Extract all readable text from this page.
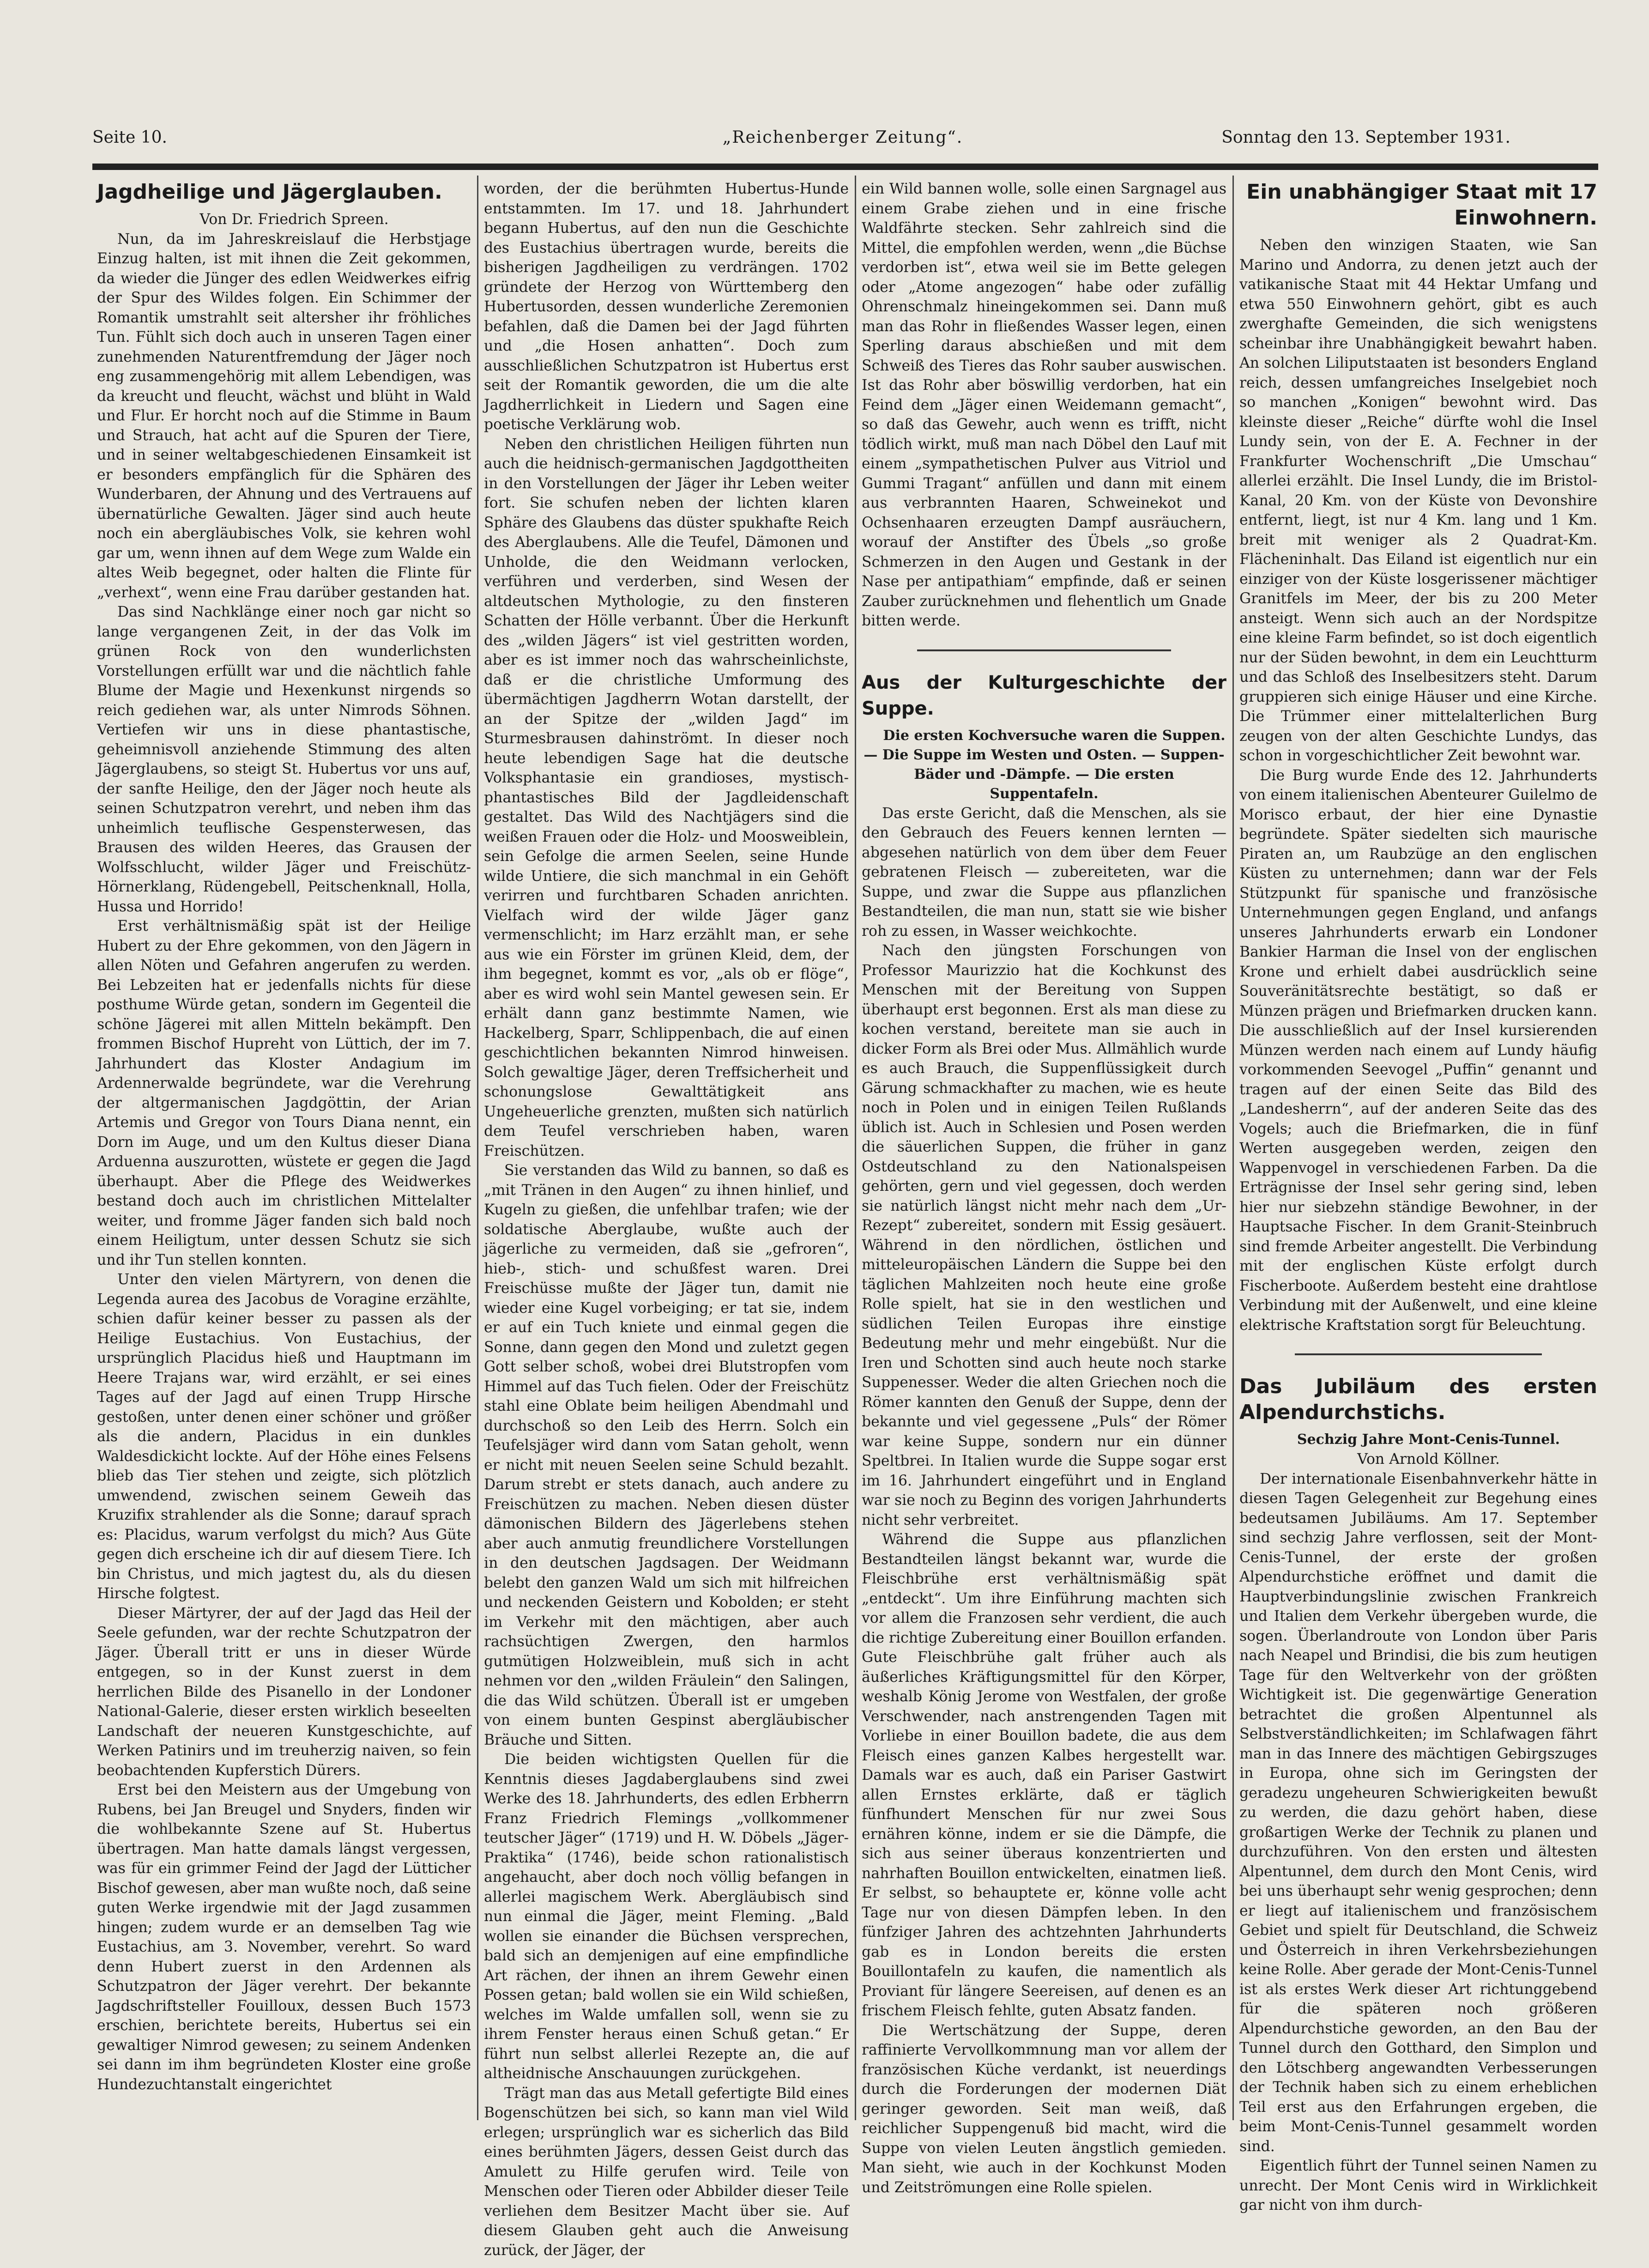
Seite 10.	„Reichenberger Zeitung“.	Sonntag den 13. September 1931.
Jagdheilige und Jägerglauben.

Von Dr. Friedrich Spreen.

Nun, da im Jahreskreislauf die Herbstjage Einzug halten, ist mit ihnen die Zeit gekommen, da wieder die Jünger des edlen Weidwerkes eifrig der Spur des Wildes folgen. Ein Schimmer der Romantik umstrahlt seit altersher ihr fröhliches Tun. Fühlt sich doch auch in unseren Tagen einer zunehmenden Naturentfremdung der Jäger noch eng zusammengehörig mit allem Lebendigen, was da kreucht und fleucht, wächst und blüht in Wald und Flur. Er horcht noch auf die Stimme in Baum und Strauch, hat acht auf die Spuren der Tiere, und in seiner weltabgeschiedenen Einsamkeit ist er besonders empfänglich für die Sphären des Wunderbaren, der Ahnung und des Vertrauens auf übernatürliche Gewalten. Jäger sind auch heute noch ein abergläubisches Volk, sie kehren wohl gar um, wenn ihnen auf dem Wege zum Walde ein altes Weib begegnet, oder halten die Flinte für „verhext“, wenn eine Frau darüber gestanden hat.

Das sind Nachklänge einer noch gar nicht so lange vergangenen Zeit, in der das Volk im grünen Rock von den wunderlichsten Vorstellungen erfüllt war und die nächtlich fahle Blume der Magie und Hexenkunst nirgends so reich gediehen war, als unter Nimrods Söhnen. Vertiefen wir uns in diese phantastische, geheimnisvoll anziehende Stimmung des alten Jägerglaubens, so steigt St. Hubertus vor uns auf, der sanfte Heilige, den der Jäger noch heute als seinen Schutzpatron verehrt, und neben ihm das unheimlich teuflische Gespensterwesen, das Brausen des wilden Heeres, das Grausen der Wolfsschlucht, wilder Jäger und Freischütz-Hörnerklang, Rüdengebell, Peitschenknall, Holla, Hussa und Horrido!

Erst verhältnismäßig spät ist der Heilige Hubert zu der Ehre gekommen, von den Jägern in allen Nöten und Gefahren angerufen zu werden. Bei Lebzeiten hat er jedenfalls nichts für diese posthume Würde getan, sondern im Gegenteil die schöne Jägerei mit allen Mitteln bekämpft. Den frommen Bischof Hupreht von Lüttich, der im 7. Jahrhundert das Kloster Andagium im Ardennerwalde begründete, war die Verehrung der altgermanischen Jagdgöttin, der Arian Artemis und Gregor von Tours Diana nennt, ein Dorn im Auge, und um den Kultus dieser Diana Arduenna auszurotten, wüstete er gegen die Jagd überhaupt. Aber die Pflege des Weidwerkes bestand doch auch im christlichen Mittelalter weiter, und fromme Jäger fanden sich bald noch einem Heiligtum, unter dessen Schutz sie sich und ihr Tun stellen konnten.

Unter den vielen Märtyrern, von denen die Legenda aurea des Jacobus de Voragine erzählte, schien dafür keiner besser zu passen als der Heilige Eustachius. Von Eustachius, der ursprünglich Placidus hieß und Hauptmann im Heere Trajans war, wird erzählt, er sei eines Tages auf der Jagd auf einen Trupp Hirsche gestoßen, unter denen einer schöner und größer als die andern, Placidus in ein dunkles Waldesdickicht lockte. Auf der Höhe eines Felsens blieb das Tier stehen und zeigte, sich plötzlich umwendend, zwischen seinem Geweih das Kruzifix strahlender als die Sonne; darauf sprach es: Placidus, warum verfolgst du mich? Aus Güte gegen dich erscheine ich dir auf diesem Tiere. Ich bin Christus, und mich jagtest du, als du diesen Hirsche folgtest.

Dieser Märtyrer, der auf der Jagd das Heil der Seele gefunden, war der rechte Schutzpatron der Jäger. Überall tritt er uns in dieser Würde entgegen, so in der Kunst zuerst in dem herrlichen Bilde des Pisanello in der Londoner National-Galerie, dieser ersten wirklich beseelten Landschaft der neueren Kunstgeschichte, auf Werken Patinirs und im treuherzig naiven, so fein beobachtenden Kupferstich Dürers.

Erst bei den Meistern aus der Umgebung von Rubens, bei Jan Breugel und Snyders, finden wir die wohlbekannte Szene auf St. Hubertus übertragen. Man hatte damals längst vergessen, was für ein grimmer Feind der Jagd der Lütticher Bischof gewesen, aber man wußte noch, daß seine guten Werke irgendwie mit der Jagd zusammen hingen; zudem wurde er an demselben Tag wie Eustachius, am 3. November, verehrt. So ward denn Hubert zuerst in den Ardennen als Schutzpatron der Jäger verehrt. Der bekannte Jagdschriftsteller Fouilloux, dessen Buch 1573 erschien, berichtete bereits, Hubertus sei ein gewaltiger Nimrod gewesen; zu seinem Andenken sei dann im ihm begründeten Kloster eine große Hundezuchtanstalt eingerichtet

worden, der die berühmten Hubertus-Hunde entstammten. Im 17. und 18. Jahrhundert begann Hubertus, auf den nun die Geschichte des Eustachius übertragen wurde, bereits die bisherigen Jagdheiligen zu verdrängen. 1702 gründete der Herzog von Württemberg den Hubertusorden, dessen wunderliche Zeremonien befahlen, daß die Damen bei der Jagd führten und „die Hosen anhatten“. Doch zum ausschließlichen Schutzpatron ist Hubertus erst seit der Romantik geworden, die um die alte Jagdherrlichkeit in Liedern und Sagen eine poetische Verklärung wob.

Neben den christlichen Heiligen führten nun auch die heidnisch-germanischen Jagdgottheiten in den Vorstellungen der Jäger ihr Leben weiter fort. Sie schufen neben der lichten klaren Sphäre des Glaubens das düster spukhafte Reich des Aberglaubens. Alle die Teufel, Dämonen und Unholde, die den Weidmann verlocken, verführen und verderben, sind Wesen der altdeutschen Mythologie, zu den finsteren Schatten der Hölle verbannt. Über die Herkunft des „wilden Jägers“ ist viel gestritten worden, aber es ist immer noch das wahrscheinlichste, daß er die christliche Umformung des übermächtigen Jagdherrn Wotan darstellt, der an der Spitze der „wilden Jagd“ im Sturmesbrausen dahinströmt. In dieser noch heute lebendigen Sage hat die deutsche Volksphantasie ein grandioses, mystisch-phantastisches Bild der Jagdleidenschaft gestaltet. Das Wild des Nachtjägers sind die weißen Frauen oder die Holz- und Moosweiblein, sein Gefolge die armen Seelen, seine Hunde wilde Untiere, die sich manchmal in ein Gehöft verirren und furchtbaren Schaden anrichten. Vielfach wird der wilde Jäger ganz vermenschlicht; im Harz erzählt man, er sehe aus wie ein Förster im grünen Kleid, dem, der ihm begegnet, kommt es vor, „als ob er flöge“, aber es wird wohl sein Mantel gewesen sein. Er erhält dann ganz bestimmte Namen, wie Hackelberg, Sparr, Schlippenbach, die auf einen geschichtlichen bekannten Nimrod hinweisen. Solch gewaltige Jäger, deren Treffsicherheit und schonungslose Gewalttätigkeit ans Ungeheuerliche grenzten, mußten sich natürlich dem Teufel verschrieben haben, waren Freischützen.

Sie verstanden das Wild zu bannen, so daß es „mit Tränen in den Augen“ zu ihnen hinlief, und Kugeln zu gießen, die unfehlbar trafen; wie der soldatische Aberglaube, wußte auch der jägerliche zu vermeiden, daß sie „gefroren“, hieb-, stich- und schußfest waren. Drei Freischüsse mußte der Jäger tun, damit nie wieder eine Kugel vorbeiging; er tat sie, indem er auf ein Tuch kniete und einmal gegen die Sonne, dann gegen den Mond und zuletzt gegen Gott selber schoß, wobei drei Blutstropfen vom Himmel auf das Tuch fielen. Oder der Freischütz stahl eine Oblate beim heiligen Abendmahl und durchschoß so den Leib des Herrn. Solch ein Teufelsjäger wird dann vom Satan geholt, wenn er nicht mit neuen Seelen seine Schuld bezahlt. Darum strebt er stets danach, auch andere zu Freischützen zu machen. Neben diesen düster dämonischen Bildern des Jägerlebens stehen aber auch anmutig freundlichere Vorstellungen in den deutschen Jagdsagen. Der Weidmann belebt den ganzen Wald um sich mit hilfreichen und neckenden Geistern und Kobolden; er steht im Verkehr mit den mächtigen, aber auch rachsüchtigen Zwergen, den harmlos gutmütigen Holzweiblein, muß sich in acht nehmen vor den „wilden Fräulein“ den Salingen, die das Wild schützen. Überall ist er umgeben von einem bunten Gespinst abergläubischer Bräuche und Sitten.

Die beiden wichtigsten Quellen für die Kenntnis dieses Jagdaberglaubens sind zwei Werke des 18. Jahrhunderts, des edlen Erbherrn Franz Friedrich Flemings „vollkommener teutscher Jäger“ (1719) und H. W. Döbels „Jäger-Praktika“ (1746), beide schon rationalistisch angehaucht, aber doch noch völlig befangen in allerlei magischem Werk. Abergläubisch sind nun einmal die Jäger, meint Fleming. „Bald wollen sie einander die Büchsen versprechen, bald sich an demjenigen auf eine empfindliche Art rächen, der ihnen an ihrem Gewehr einen Possen getan; bald wollen sie ein Wild schießen, welches im Walde umfallen soll, wenn sie zu ihrem Fenster heraus einen Schuß getan.“ Er führt nun selbst allerlei Rezepte an, die auf altheidnische Anschauungen zurückgehen.

Trägt man das aus Metall gefertigte Bild eines Bogenschützen bei sich, so kann man viel Wild erlegen; ursprünglich war es sicherlich das Bild eines berühmten Jägers, dessen Geist durch das Amulett zu Hilfe gerufen wird. Teile von Menschen oder Tieren oder Abbilder dieser Teile verliehen dem Besitzer Macht über sie. Auf diesem Glauben geht auch die Anweisung zurück, der Jäger, der

ein Wild bannen wolle, solle einen Sargnagel aus einem Grabe ziehen und in eine frische Waldfährte stecken. Sehr zahlreich sind die Mittel, die empfohlen werden, wenn „die Büchse verdorben ist“, etwa weil sie im Bette gelegen oder „Atome angezogen“ habe oder zufällig Ohrenschmalz hineingekommen sei. Dann muß man das Rohr in fließendes Wasser legen, einen Sperling daraus abschießen und mit dem Schweiß des Tieres das Rohr sauber auswischen. Ist das Rohr aber böswillig verdorben, hat ein Feind dem „Jäger einen Weidemann gemacht“, so daß das Gewehr, auch wenn es trifft, nicht tödlich wirkt, muß man nach Döbel den Lauf mit einem „sympathetischen Pulver aus Vitriol und Gummi Tragant“ anfüllen und dann mit einem aus verbrannten Haaren, Schweinekot und Ochsenhaaren erzeugten Dampf ausräuchern, worauf der Anstifter des Übels „so große Schmerzen in den Augen und Gestank in der Nase per antipathiam“ empfinde, daß er seinen Zauber zurücknehmen und flehentlich um Gnade bitten werde.

Aus der Kulturgeschichte der Suppe.

Die ersten Kochversuche waren die Suppen. — Die Suppe im Westen und Osten. — Suppen-Bäder und -Dämpfe. — Die ersten Suppentafeln.

Das erste Gericht, daß die Menschen, als sie den Gebrauch des Feuers kennen lernten — abgesehen natürlich von dem über dem Feuer gebratenen Fleisch — zubereiteten, war die Suppe, und zwar die Suppe aus pflanzlichen Bestandteilen, die man nun, statt sie wie bisher roh zu essen, in Wasser weichkochte.

Nach den jüngsten Forschungen von Professor Maurizzio hat die Kochkunst des Menschen mit der Bereitung von Suppen überhaupt erst begonnen. Erst als man diese zu kochen verstand, bereitete man sie auch in dicker Form als Brei oder Mus. Allmählich wurde es auch Brauch, die Suppenflüssigkeit durch Gärung schmackhafter zu machen, wie es heute noch in Polen und in einigen Teilen Rußlands üblich ist. Auch in Schlesien und Posen werden die säuerlichen Suppen, die früher in ganz Ostdeutschland zu den Nationalspeisen gehörten, gern und viel gegessen, doch werden sie natürlich längst nicht mehr nach dem „Ur-Rezept“ zubereitet, sondern mit Essig gesäuert. Während in den nördlichen, östlichen und mitteleuropäischen Ländern die Suppe bei den täglichen Mahlzeiten noch heute eine große Rolle spielt, hat sie in den westlichen und südlichen Teilen Europas ihre einstige Bedeutung mehr und mehr eingebüßt. Nur die Iren und Schotten sind auch heute noch starke Suppenesser. Weder die alten Griechen noch die Römer kannten den Genuß der Suppe, denn der bekannte und viel gegessene „Puls“ der Römer war keine Suppe, sondern nur ein dünner Speltbrei. In Italien wurde die Suppe sogar erst im 16. Jahrhundert eingeführt und in England war sie noch zu Beginn des vorigen Jahrhunderts nicht sehr verbreitet.

Während die Suppe aus pflanzlichen Bestandteilen längst bekannt war, wurde die Fleischbrühe erst verhältnismäßig spät „entdeckt“. Um ihre Einführung machten sich vor allem die Franzosen sehr verdient, die auch die richtige Zubereitung einer Bouillon erfanden. Gute Fleischbrühe galt früher auch als äußerliches Kräftigungsmittel für den Körper, weshalb König Jerome von Westfalen, der große Verschwender, nach anstrengenden Tagen mit Vorliebe in einer Bouillon badete, die aus dem Fleisch eines ganzen Kalbes hergestellt war. Damals war es auch, daß ein Pariser Gastwirt allen Ernstes erklärte, daß er täglich fünfhundert Menschen für nur zwei Sous ernähren könne, indem er sie die Dämpfe, die sich aus seiner überaus konzentrierten und nahrhaften Bouillon entwickelten, einatmen ließ. Er selbst, so behauptete er, könne volle acht Tage nur von diesen Dämpfen leben. In den fünfziger Jahren des achtzehnten Jahrhunderts gab es in London bereits die ersten Bouillontafeln zu kaufen, die namentlich als Proviant für längere Seereisen, auf denen es an frischem Fleisch fehlte, guten Absatz fanden.

Die Wertschätzung der Suppe, deren raffinierte Vervollkommnung man vor allem der französischen Küche verdankt, ist neuerdings durch die Forderungen der modernen Diät geringer geworden. Seit man weiß, daß reichlicher Suppengenuß bid macht, wird die Suppe von vielen Leuten ängstlich gemieden. Man sieht, wie auch in der Kochkunst Moden und Zeitströmungen eine Rolle spielen.

Ein unabhängiger Staat mit 17 Einwohnern.

Neben den winzigen Staaten, wie San Marino und Andorra, zu denen jetzt auch der vatikanische Staat mit 44 Hektar Umfang und etwa 550 Einwohnern gehört, gibt es auch zwerghafte Gemeinden, die sich wenigstens scheinbar ihre Unabhängigkeit bewahrt haben. An solchen Liliputstaaten ist besonders England reich, dessen umfangreiches Inselgebiet noch so manchen „Konigen“ bewohnt wird. Das kleinste dieser „Reiche“ dürfte wohl die Insel Lundy sein, von der E. A. Fechner in der Frankfurter Wochenschrift „Die Umschau“ allerlei erzählt. Die Insel Lundy, die im Bristol-Kanal, 20 Km. von der Küste von Devonshire entfernt, liegt, ist nur 4 Km. lang und 1 Km. breit mit weniger als 2 Quadrat-Km. Flächeninhalt. Das Eiland ist eigentlich nur ein einziger von der Küste losgerissener mächtiger Granitfels im Meer, der bis zu 200 Meter ansteigt. Wenn sich auch an der Nordspitze eine kleine Farm befindet, so ist doch eigentlich nur der Süden bewohnt, in dem ein Leuchtturm und das Schloß des Inselbesitzers steht. Darum gruppieren sich einige Häuser und eine Kirche. Die Trümmer einer mittelalterlichen Burg zeugen von der alten Geschichte Lundys, das schon in vorgeschichtlicher Zeit bewohnt war.

Die Burg wurde Ende des 12. Jahrhunderts von einem italienischen Abenteurer Guilelmo de Morisco erbaut, der hier eine Dynastie begründete. Später siedelten sich maurische Piraten an, um Raubzüge an den englischen Küsten zu unternehmen; dann war der Fels Stützpunkt für spanische und französische Unternehmungen gegen England, und anfangs unseres Jahrhunderts erwarb ein Londoner Bankier Harman die Insel von der englischen Krone und erhielt dabei ausdrücklich seine Souveränitätsrechte bestätigt, so daß er Münzen prägen und Briefmarken drucken kann. Die ausschließlich auf der Insel kursierenden Münzen werden nach einem auf Lundy häufig vorkommenden Seevogel „Puffin“ genannt und tragen auf der einen Seite das Bild des „Landesherrn“, auf der anderen Seite das des Vogels; auch die Briefmarken, die in fünf Werten ausgegeben werden, zeigen den Wappenvogel in verschiedenen Farben. Da die Erträgnisse der Insel sehr gering sind, leben hier nur siebzehn ständige Bewohner, in der Hauptsache Fischer. In dem Granit-Steinbruch sind fremde Arbeiter angestellt. Die Verbindung mit der englischen Küste erfolgt durch Fischerboote. Außerdem besteht eine drahtlose Verbindung mit der Außenwelt, und eine kleine elektrische Kraftstation sorgt für Beleuchtung.

Das Jubiläum des ersten Alpendurchstichs.

Sechzig Jahre Mont-Cenis-Tunnel.

Von Arnold Köllner.

Der internationale Eisenbahnverkehr hätte in diesen Tagen Gelegenheit zur Begehung eines bedeutsamen Jubiläums. Am 17. September sind sechzig Jahre verflossen, seit der Mont-Cenis-Tunnel, der erste der großen Alpendurchstiche eröffnet und damit die Hauptverbindungslinie zwischen Frankreich und Italien dem Verkehr übergeben wurde, die sogen. Überlandroute von London über Paris nach Neapel und Brindisi, die bis zum heutigen Tage für den Weltverkehr von der größten Wichtigkeit ist. Die gegenwärtige Generation betrachtet die großen Alpentunnel als Selbstverständlichkeiten; im Schlafwagen fährt man in das Innere des mächtigen Gebirgszuges in Europa, ohne sich im Geringsten der geradezu ungeheuren Schwierigkeiten bewußt zu werden, die dazu gehört haben, diese großartigen Werke der Technik zu planen und durchzuführen. Von den ersten und ältesten Alpentunnel, dem durch den Mont Cenis, wird bei uns überhaupt sehr wenig gesprochen; denn er liegt auf italienischem und französischem Gebiet und spielt für Deutschland, die Schweiz und Österreich in ihren Verkehrsbeziehungen keine Rolle. Aber gerade der Mont-Cenis-Tunnel ist als erstes Werk dieser Art richtunggebend für die späteren noch größeren Alpendurchstiche geworden, an den Bau der Tunnel durch den Gotthard, den Simplon und den Lötschberg angewandten Verbesserungen der Technik haben sich zu einem erheblichen Teil erst aus den Erfahrungen ergeben, die beim Mont-Cenis-Tunnel gesammelt worden sind.

Eigentlich führt der Tunnel seinen Namen zu unrecht. Der Mont Cenis wird in Wirklichkeit gar nicht von ihm durch-
